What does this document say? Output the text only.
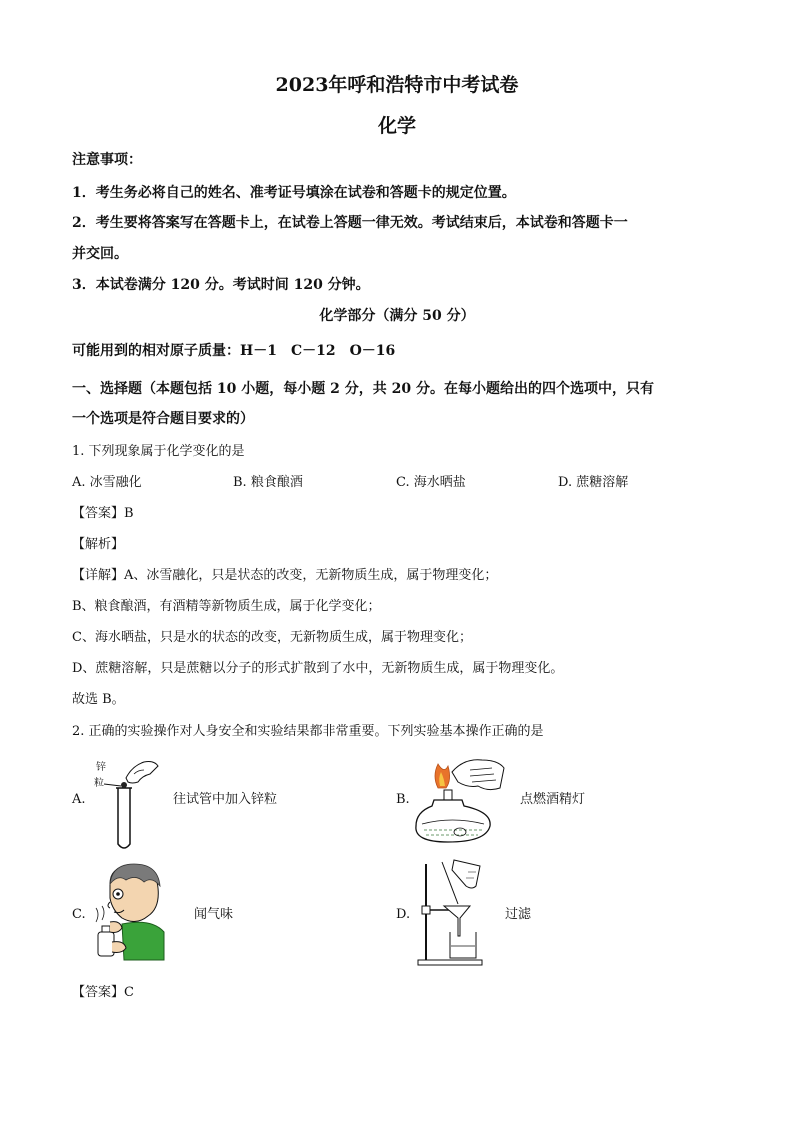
2023年呼和浩特市中考试卷
化学
注意事项：
1．考生务必将自己的姓名、准考证号填涂在试卷和答题卡的规定位置。
2．考生要将答案写在答题卡上，在试卷上答题一律无效。考试结束后，本试卷和答题卡一
并交回。
3．本试卷满分 120 分。考试时间 120 分钟。
化学部分（满分 50 分）
可能用到的相对原子质量：H－1　C－12　O－16
一、选择题（本题包括 10 小题，每小题 2 分，共 20 分。在每小题给出的四个选项中，只有
一个选项是符合题目要求的）
1. 下列现象属于化学变化的是
A. 冰雪融化	B. 粮食酿酒	C. 海水晒盐	D. 蔗糖溶解
【答案】B
【解析】
【详解】A、冰雪融化，只是状态的改变，无新物质生成，属于物理变化；
B、粮食酿酒，有酒精等新物质生成，属于化学变化；
C、海水晒盐，只是水的状态的改变，无新物质生成，属于物理变化；
D、蔗糖溶解，只是蔗糖以分子的形式扩散到了水中，无新物质生成，属于物理变化。
故选 B。
2. 正确的实验操作对人身安全和实验结果都非常重要。下列实验基本操作正确的是
A.
锌
粒
往试管中加入锌粒	B.	点燃酒精灯
C.	闻气味	D.	过滤
【答案】C
